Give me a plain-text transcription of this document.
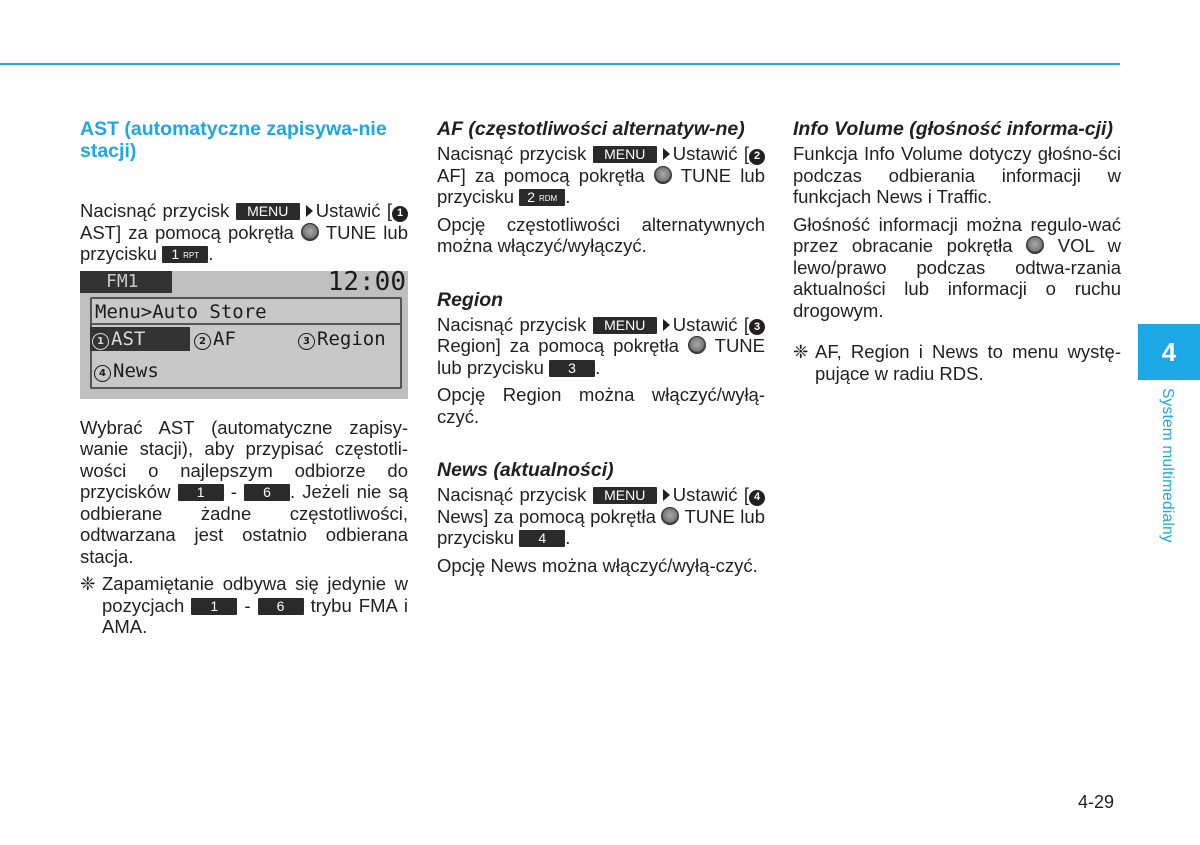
AST (automatyczne zapisywa-nie stacji)

Nacisnąć przycisk MENU Ustawić [ 1AST] za pomocą pokrętła TUNE lub przycisku 1 RPT .

FM1	12:00
Menu>Auto Store
1 AST	2 AF	3 Region
4 News

Wybrać AST (automatyczne zapisy-wanie stacji), aby przypisać częstotli-wości o najlepszym odbiorze do przycisków 1 - 6 . Jeżeli nie są odbierane żadne częstotliwości, odtwarzana jest ostatnio odbierana stacja.

❈ Zapamiętanie odbywa się jedynie w pozycjach 1 - 6 trybu FMA i AMA.
AF (częstotliwości alternatyw-ne)

Nacisnąć przycisk MENU Ustawić [ 2AF] za pomocą pokrętła TUNE lub przycisku 2 RDM .

Opcję częstotliwości alternatywnych można włączyć/wyłączyć.

Region

Nacisnąć przycisk MENU Ustawić [ 3Region] za pomocą pokrętła TUNE lub przycisku 3 .

Opcję Region można włączyć/wyłą-czyć.

News (aktualności)

Nacisnąć przycisk MENU Ustawić [ 4News] za pomocą pokrętła TUNE lub przycisku 4 .

Opcję News można włączyć/wyłą-czyć.

Info Volume (głośność informa-cji)

Funkcja Info Volume dotyczy głośno-ści podczas odbierania informacji w funkcjach News i Traffic.

Głośność informacji można regulo-wać przez obracanie pokrętła VOL w lewo/prawo podczas odtwa-rzania aktualności lub informacji o ruchu drogowym.

❈ AF, Region i News to menu wystę-pujące w radiu RDS.
4
System multimedialny
4-29
